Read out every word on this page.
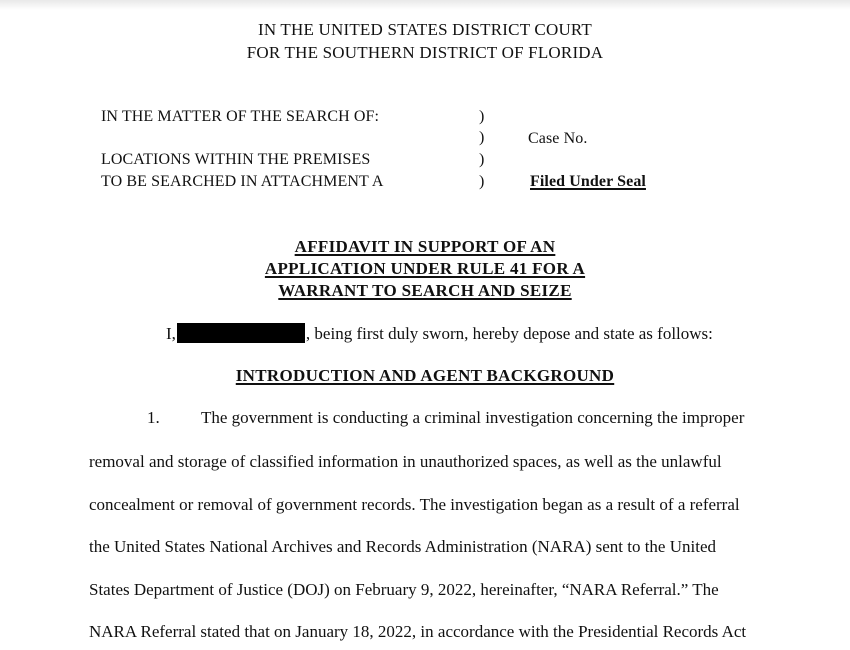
IN THE UNITED STATES DISTRICT COURT
FOR THE SOUTHERN DISTRICT OF FLORIDA
IN THE MATTER OF THE SEARCH OF:
LOCATIONS WITHIN THE PREMISES
TO BE SEARCHED IN ATTACHMENT A
)
)
)
)
Case No.
Filed Under Seal
AFFIDAVIT IN SUPPORT OF AN
APPLICATION UNDER RULE 41 FOR A
WARRANT TO SEARCH AND SEIZE
I,	, being first duly sworn, hereby depose and state as follows:
INTRODUCTION AND AGENT BACKGROUND
1. The government is conducting a criminal investigation concerning the improper
removal and storage of classified information in unauthorized spaces, as well as the unlawful
concealment or removal of government records. The investigation began as a result of a referral
the United States National Archives and Records Administration (NARA) sent to the United
States Department of Justice (DOJ) on February 9, 2022, hereinafter, “NARA Referral.” The
NARA Referral stated that on January 18, 2022, in accordance with the Presidential Records Act
